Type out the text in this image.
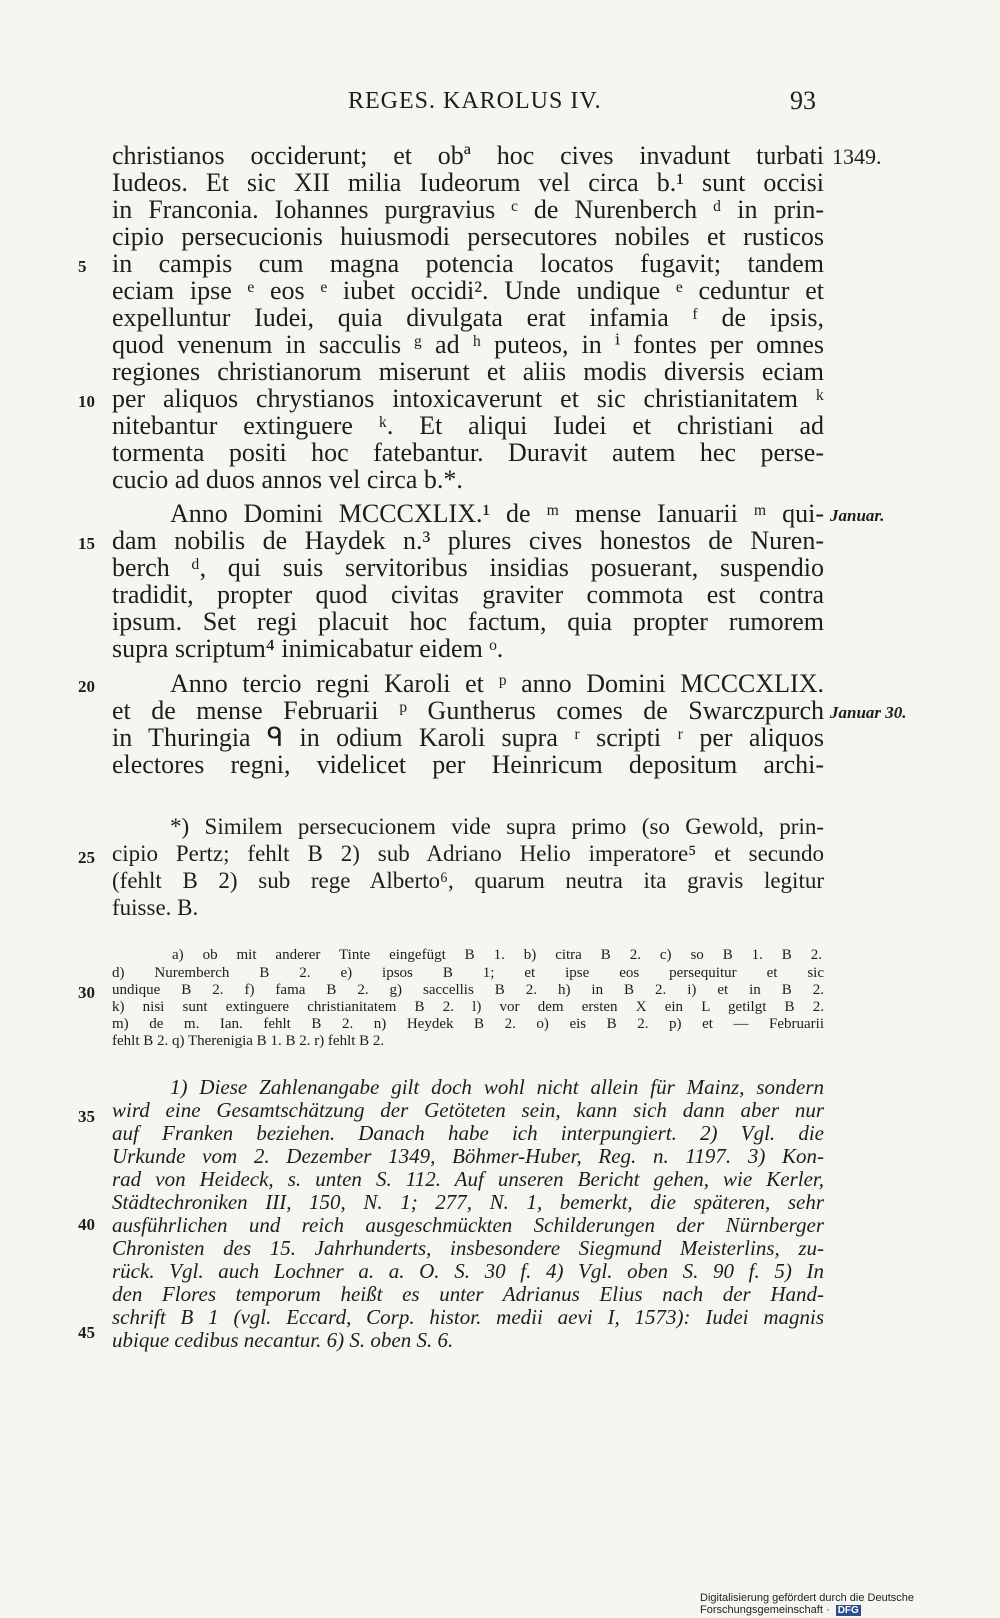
REGES. KAROLUS IV.	93
christianos occiderunt; et obª hoc cives invadunt turbati
Iudeos. Et sic XII milia Iudeorum vel circa b.¹ sunt occisi
in Franconia. Iohannes purgravius ᶜ de Nurenberch ᵈ in prin-
cipio persecucionis huiusmodi persecutores nobiles et rusticos
in campis cum magna potencia locatos fugavit; tandem
eciam ipse ᵉ eos ᵉ iubet occidi². Unde undique ᵉ ceduntur et
expelluntur Iudei, quia divulgata erat infamia ᶠ de ipsis,
quod venenum in sacculis ᵍ ad ʰ puteos, in ⁱ fontes per omnes
regiones christianorum miserunt et aliis modis diversis eciam
per aliquos chrystianos intoxicaverunt et sic christianitatem ᵏ
nitebantur extinguere ᵏ. Et aliqui Iudei et christiani ad
tormenta positi hoc fatebantur. Duravit autem hec perse-
cucio ad duos annos vel circa b.*.
Anno Domini MCCCXLIX.¹ de ᵐ mense Ianuarii ᵐ qui-
dam nobilis de Haydek n.³ plures cives honestos de Nuren-
berch ᵈ, qui suis servitoribus insidias posuerant, suspendio
tradidit, propter quod civitas graviter commota est contra
ipsum. Set regi placuit hoc factum, quia propter rumorem
supra scriptum⁴ inimicabatur eidem ᵒ.
Anno tercio regni Karoli et ᵖ anno Domini MCCCXLIX.
et de mense Februarii ᵖ Guntherus comes de Swarczpurch
in Thuringia ᑫ in odium Karoli supra ʳ scripti ʳ per aliquos
electores regni, videlicet per Heinricum depositum archi-
1349.
Januar.
Januar 30.
5
10
15
20
25
30
35
40
45
*) Similem persecucionem vide supra primo (so Gewold, prin-
cipio Pertz; fehlt B 2) sub Adriano Helio imperatore⁵ et secundo
(fehlt B 2) sub rege Alberto⁶, quarum neutra ita gravis legitur
fuisse. B.
a) ob mit anderer Tinte eingefügt B 1. b) citra B 2. c) so B 1. B 2.
d) Nuremberch B 2. e) ipsos B 1; et ipse eos persequitur et sic
undique B 2. f) fama B 2. g) saccellis B 2. h) in B 2. i) et in B 2.
k) nisi sunt extinguere christianitatem B 2. l) vor dem ersten X ein L getilgt B 2.
m) de m. Ian. fehlt B 2. n) Heydek B 2. o) eis B 2. p) et — Februarii
fehlt B 2. q) Therenigia B 1. B 2. r) fehlt B 2.
1) Diese Zahlenangabe gilt doch wohl nicht allein für Mainz, sondern
wird eine Gesamtschätzung der Getöteten sein, kann sich dann aber nur
auf Franken beziehen. Danach habe ich interpungiert. 2) Vgl. die
Urkunde vom 2. Dezember 1349, Böhmer-Huber, Reg. n. 1197. 3) Kon-
rad von Heideck, s. unten S. 112. Auf unseren Bericht gehen, wie Kerler,
Städtechroniken III, 150, N. 1; 277, N. 1, bemerkt, die späteren, sehr
ausführlichen und reich ausgeschmückten Schilderungen der Nürnberger
Chronisten des 15. Jahrhunderts, insbesondere Siegmund Meisterlins, zu-
rück. Vgl. auch Lochner a. a. O. S. 30 f. 4) Vgl. oben S. 90 f. 5) In
den Flores temporum heißt es unter Adrianus Elius nach der Hand-
schrift B 1 (vgl. Eccard, Corp. histor. medii aevi I, 1573): Iudei magnis
ubique cedibus necantur. 6) S. oben S. 6.
Digitalisierung gefördert durch die Deutsche Forschungsgemeinschaft · DFG
